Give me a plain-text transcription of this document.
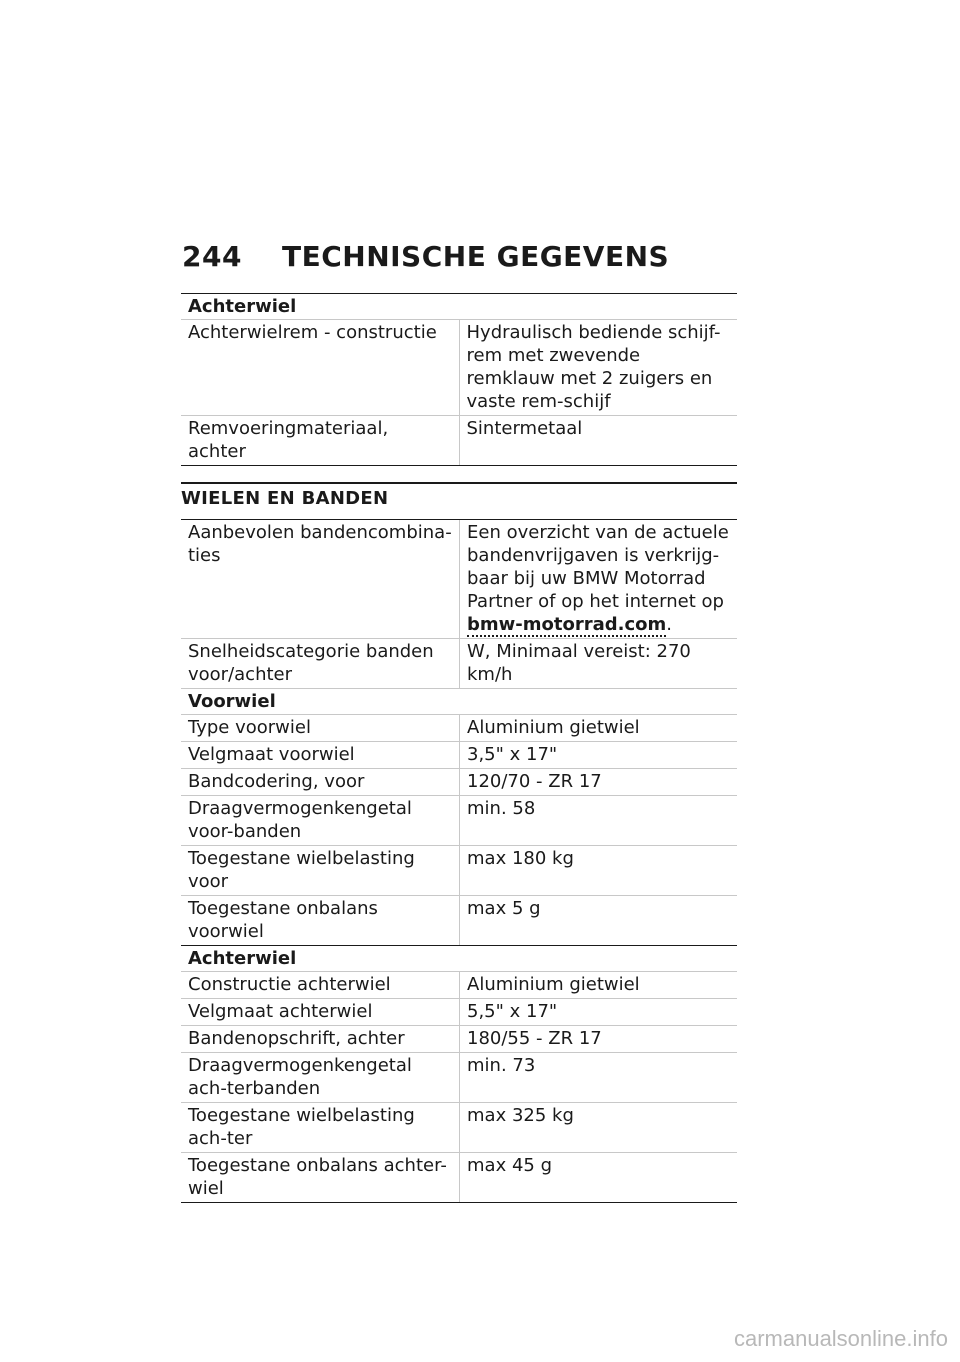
244 TECHNISCHE GEGEVENS
Achterwiel	
Achterwielrem - constructie	Hydraulisch bediende schijf-rem met zwevende remklauw met 2 zuigers en vaste rem-schijf
Remvoeringmateriaal, achter	Sintermetaal
WIELEN EN BANDEN
Aanbevolen bandencombina-ties	Een overzicht van de actuele bandenvrijgaven is verkrijg-baar bij uw BMW Motorrad Partner of op het internet op bmw-motorrad.com.
Snelheidscategorie banden voor/achter	W, Minimaal vereist: 270 km/h
Voorwiel	
Type voorwiel	Aluminium gietwiel
Velgmaat voorwiel	3,5" x 17"
Bandcodering, voor	120/70 - ZR 17
Draagvermogenkengetal voor-banden	min. 58
Toegestane wielbelasting voor	max 180 kg
Toegestane onbalans voorwiel	max 5 g
Achterwiel	
Constructie achterwiel	Aluminium gietwiel
Velgmaat achterwiel	5,5" x 17"
Bandenopschrift, achter	180/55 - ZR 17
Draagvermogenkengetal ach-terbanden	min. 73
Toegestane wielbelasting ach-ter	max 325 kg
Toegestane onbalans achter-wiel	max 45 g
carmanualsonline.info
